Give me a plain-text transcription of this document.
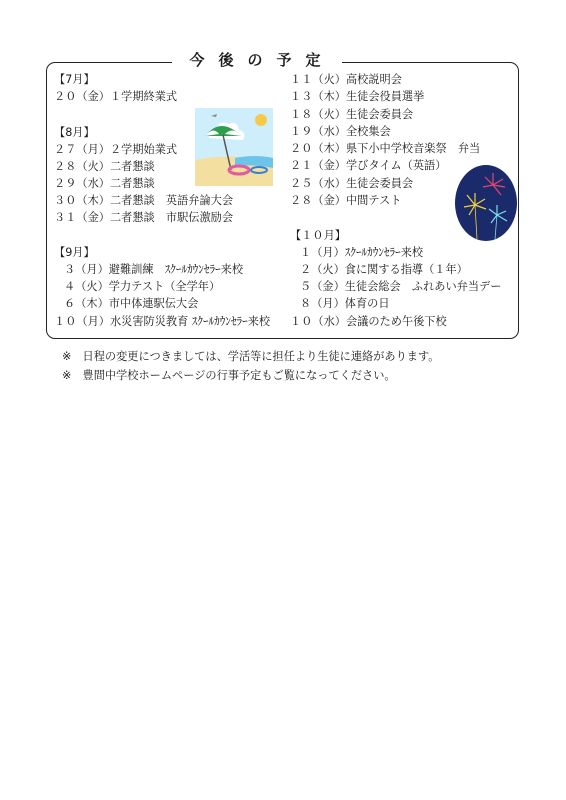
今後の予定
【7月】
２０（金）１学期終業式
【8月】
２７（月）２学期始業式
２８（火）二者懇談
２９（水）二者懇談
３０（木）二者懇談　英語弁論大会
３１（金）二者懇談　市駅伝激励会
【9月】
３（月）避難訓練　ｽｸｰﾙｶｳﾝｾﾗｰ来校
４（火）学力テスト（全学年）
６（木）市中体連駅伝大会
１０（月）水災害防災教育 ｽｸｰﾙｶｳﾝｾﾗｰ来校
１１（火）高校説明会
１３（木）生徒会役員選挙
１８（火）生徒会委員会
１９（水）全校集会
２０（木）県下小中学校音楽祭　弁当
２１（金）学びタイム（英語）
２５（水）生徒会委員会
２８（金）中間テスト
【１０月】
１（月）ｽｸｰﾙｶｳﾝｾﾗｰ来校
２（火）食に関する指導（１年）
５（金）生徒会総会　ふれあい弁当デー
８（月）体育の日
１０（水）会議のため午後下校
※　日程の変更につきましては、学活等に担任より生徒に連絡があります。
※　豊間中学校ホームページの行事予定もご覧になってください。
